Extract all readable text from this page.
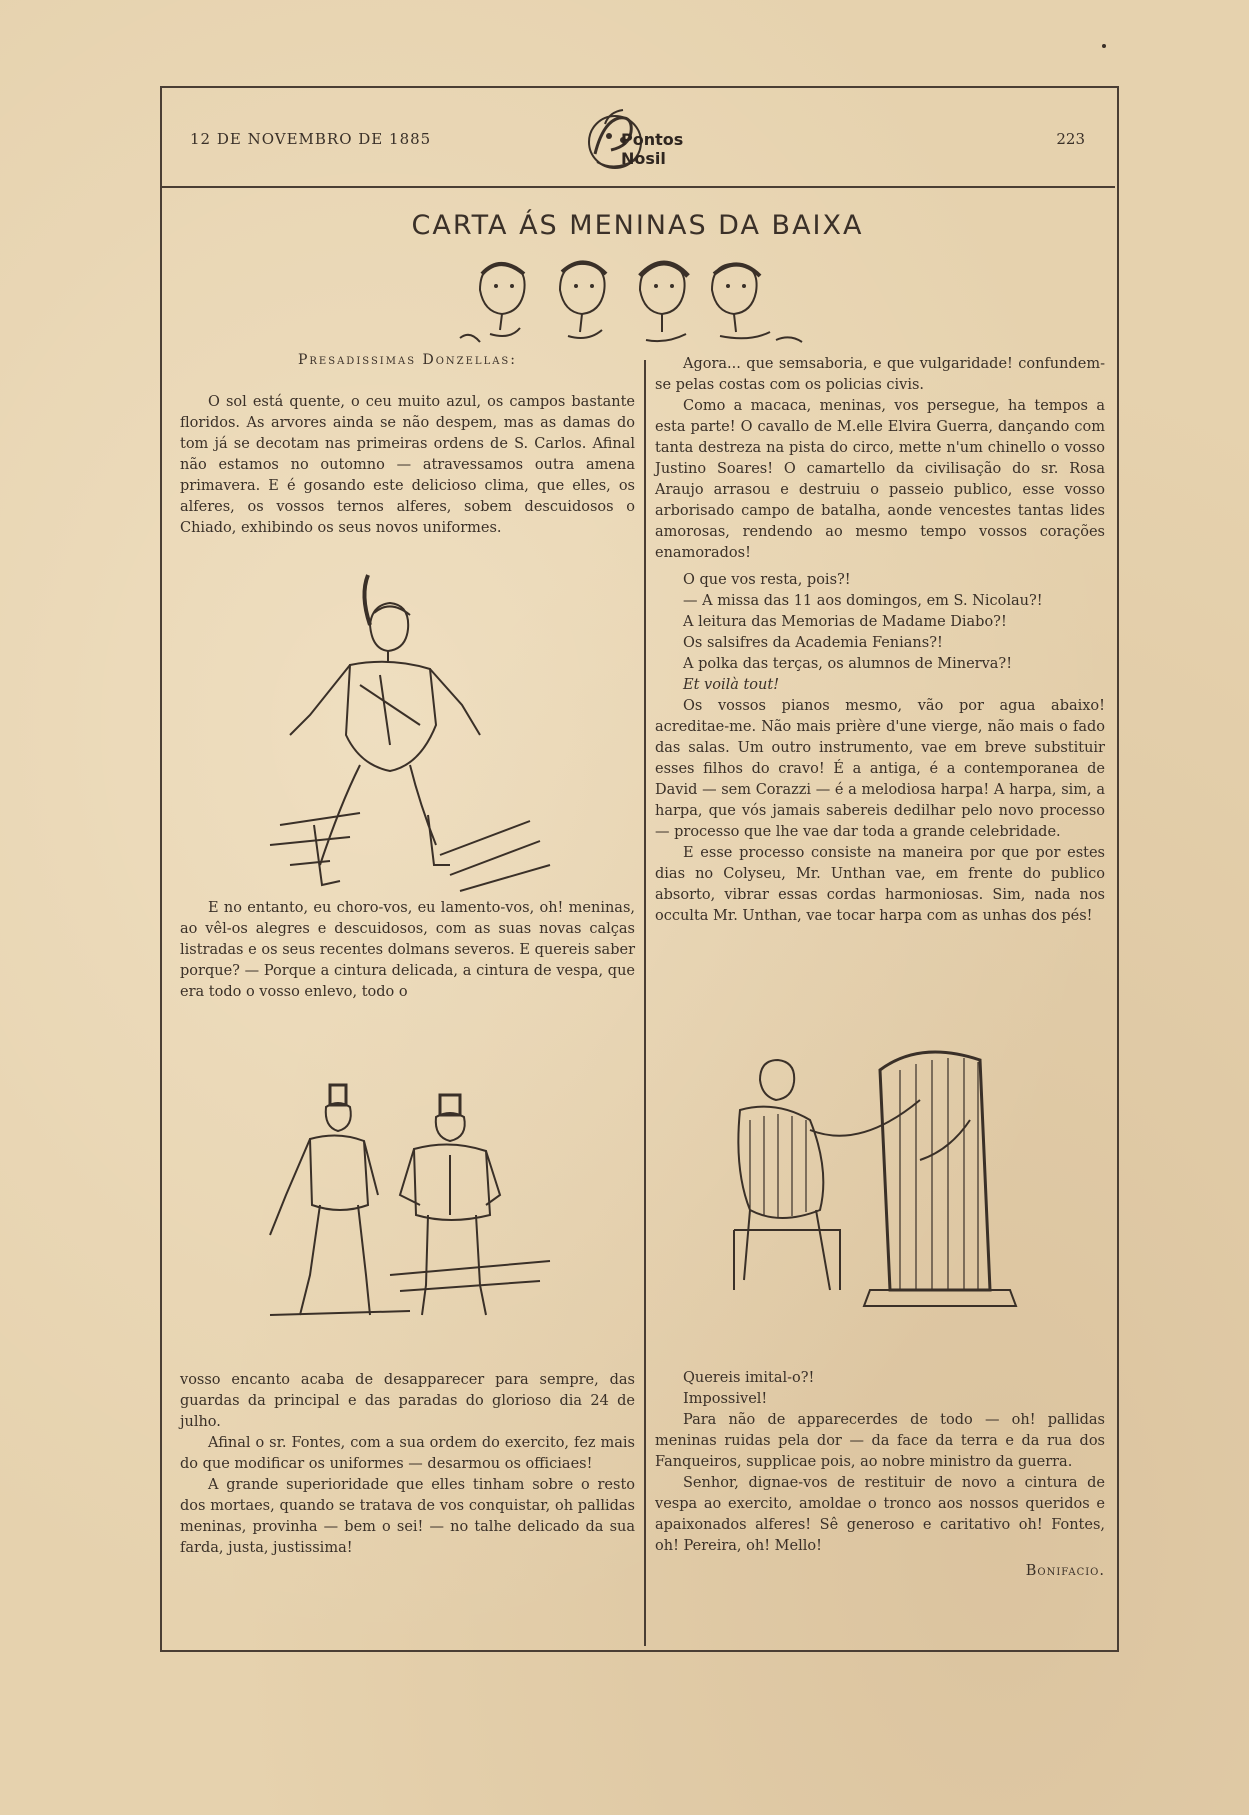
12 DE NOVEMBRO DE 1885	Pontos Nosil
223
CARTA ÁS MENINAS DA BAIXA
Presadissimas Donzellas:

O sol está quente, o ceu muito azul, os campos bastante floridos. As arvores ainda se não despem, mas as damas do tom já se decotam nas primeiras ordens de S. Carlos. Afinal não estamos no outomno — atravessamos outra amena primavera. E é gosando este delicioso clima, que elles, os alferes, os vossos ternos alferes, sobem descuidosos o Chiado, exhibindo os seus novos uniformes.

E no entanto, eu choro-vos, eu lamento-vos, oh! meninas, ao vêl-os alegres e descuidosos, com as suas novas calças listradas e os seus recentes dolmans severos. E quereis saber porque? — Porque a cintura delicada, a cintura de vespa, que era todo o vosso enlevo, todo o

vosso encanto acaba de desapparecer para sempre, das guardas da principal e das paradas do glorioso dia 24 de julho.

Afinal o sr. Fontes, com a sua ordem do exercito, fez mais do que modificar os uniformes — desarmou os officiaes!

A grande superioridade que elles tinham sobre o resto dos mortaes, quando se tratava de vos conquistar, oh pallidas meninas, provinha — bem o sei! — no talhe delicado da sua farda, justa, justissima!

Agora... que semsaboria, e que vulgaridade! confundem-se pelas costas com os policias civis.

Como a macaca, meninas, vos persegue, ha tempos a esta parte! O cavallo de M.elle Elvira Guerra, dançando com tanta destreza na pista do circo, mette n'um chinello o vosso Justino Soares! O camartello da civilisação do sr. Rosa Araujo arrasou e destruiu o passeio publico, esse vosso arborisado campo de batalha, aonde vencestes tantas lides amorosas, rendendo ao mesmo tempo vossos corações enamorados!

O que vos resta, pois?!

— A missa das 11 aos domingos, em S. Nicolau?!

A leitura das Memorias de Madame Diabo?!

Os salsifres da Academia Fenians?!

A polka das terças, os alumnos de Minerva?!

Et voilà tout!

Os vossos pianos mesmo, vão por agua abaixo! acreditae-me. Não mais prière d'une vierge, não mais o fado das salas. Um outro instrumento, vae em breve substituir esses filhos do cravo! É a antiga, é a contemporanea de David — sem Corazzi — é a melodiosa harpa! A harpa, sim, a harpa, que vós jamais sabereis dedilhar pelo novo processo — processo que lhe vae dar toda a grande celebridade.

E esse processo consiste na maneira por que por estes dias no Colyseu, Mr. Unthan vae, em frente do publico absorto, vibrar essas cordas harmoniosas. Sim, nada nos occulta Mr. Unthan, vae tocar harpa com as unhas dos pés!

Quereis imital-o?!

Impossivel!

Para não de apparecerdes de todo — oh! pallidas meninas ruidas pela dor — da face da terra e da rua dos Fanqueiros, supplicae pois, ao nobre ministro da guerra.

Senhor, dignae-vos de restituir de novo a cintura de vespa ao exercito, amoldae o tronco aos nossos queridos e apaixonados alferes! Sê generoso e caritativo oh! Fontes, oh! Pereira, oh! Mello!

Bonifacio.
